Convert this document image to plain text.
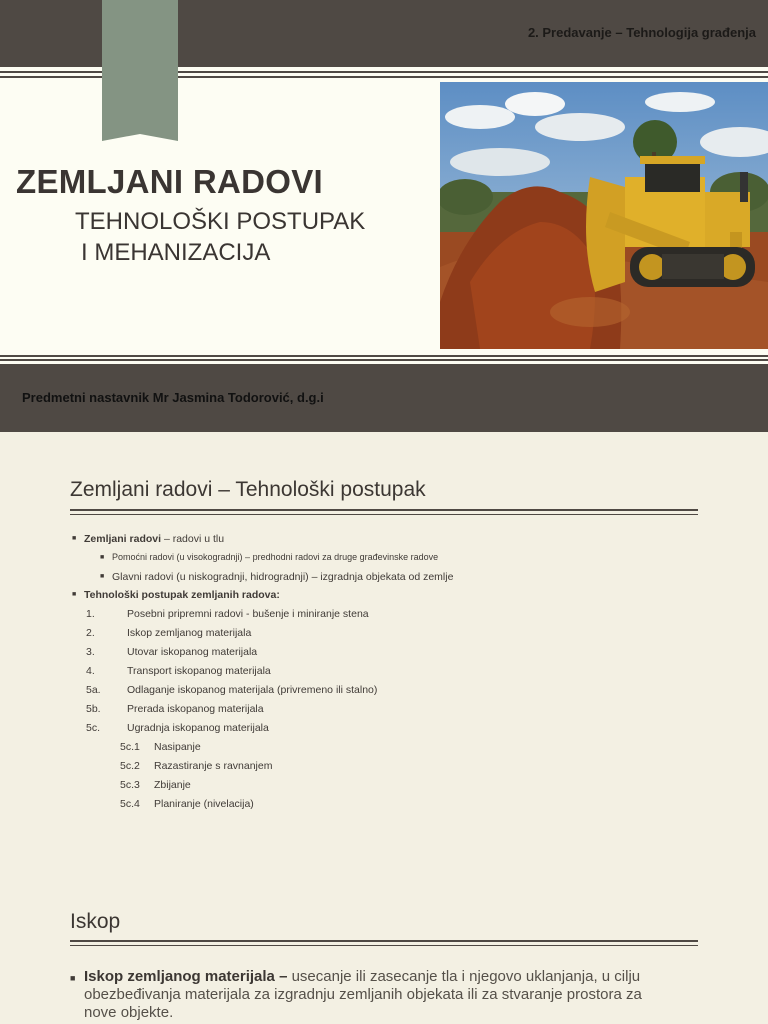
2. Predavanje – Tehnologija građenja
ZEMLJANI RADOVI
TEHNOLOŠKI POSTUPAK
I MEHANIZACIJA
Predmetni nastavnik Mr Jasmina Todorović, d.g.i
Zemljani radovi – Tehnološki postupak
■ Zemljani radovi – radovi u tlu
■ Pomoćni radovi (u visokogradnji) – predhodni radovi za druge građevinske radove
■ Glavni radovi (u niskogradnji, hidrogradnji) – izgradnja objekata od zemlje
■ Tehnološki postupak zemljanih radova:
1.	Posebni pripremni radovi - bušenje i miniranje stena
2.	Iskop zemljanog materijala
3.	Utovar iskopanog materijala
4.	Transport iskopanog materijala
5a.	Odlaganje iskopanog materijala (privremeno ili stalno)
5b.	Prerada iskopanog materijala
5c.	Ugradnja iskopanog materijala
5c.1 Nasipanje
5c.2 Razastiranje s ravnanjem
5c.3 Zbijanje
5c.4 Planiranje (nivelacija)
Iskop
■ Iskop zemljanog materijala – usecanje ili zasecanje tla i njegovo uklanjanja, u cilju
obezbeđivanja materijala za izgradnju zemljanih objekata ili za stvaranje prostora za
nove objekte.
